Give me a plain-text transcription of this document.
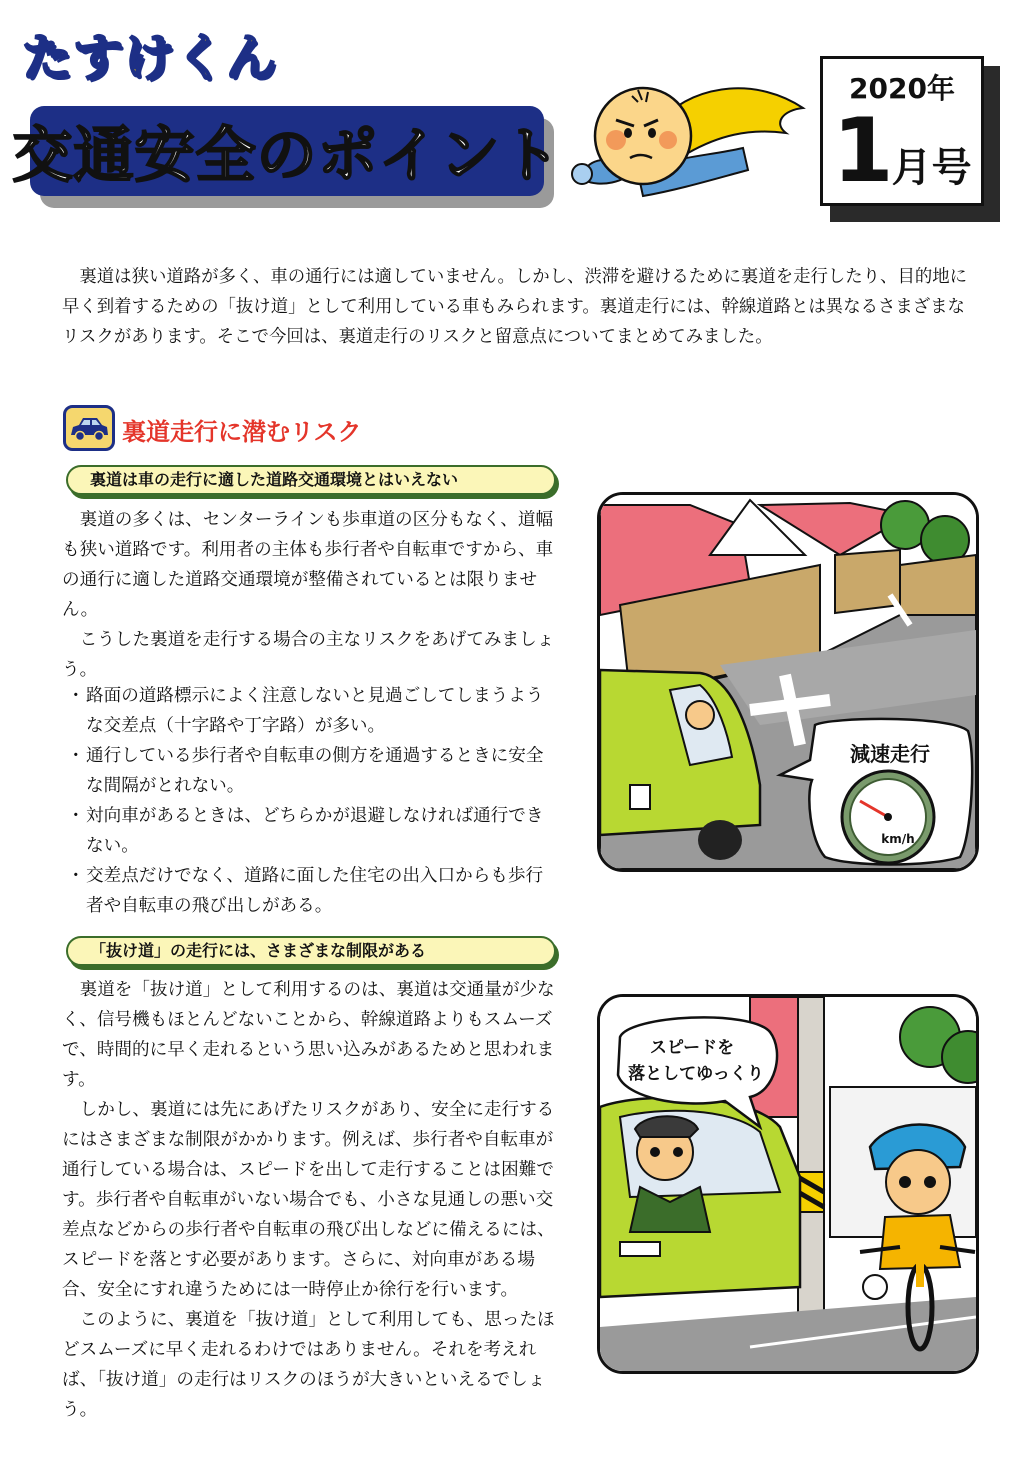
たすけくん
交通安全のポイント
2020年
1月号
裏道は狭い道路が多く、車の通行には適していません。しかし、渋滞を避けるために裏道を走行したり、目的地に早く到着するための「抜け道」として利用している車もみられます。裏道走行には、幹線道路とは異なるさまざまなリスクがあります。そこで今回は、裏道走行のリスクと留意点についてまとめてみました。
裏道走行に潜むリスク
裏道は車の走行に適した道路交通環境とはいえない

裏道の多くは、センターラインも歩車道の区分もなく、道幅も狭い道路です。利用者の主体も歩行者や自転車ですから、車の通行に適した道路交通環境が整備されているとは限りません。

こうした裏道を走行する場合の主なリスクをあげてみましょう。

・ 路面の道路標示によく注意しないと見過ごしてしまうような交差点（十字路や丁字路）が多い。
・ 通行している歩行者や自転車の側方を通過するときに安全な間隔がとれない。
・ 対向車があるときは、どちらかが退避しなければ通行できない。
・ 交差点だけでなく、道路に面した住宅の出入口からも歩行者や自転車の飛び出しがある。
「抜け道」の走行には、さまざまな制限がある

裏道を「抜け道」として利用するのは、裏道は交通量が少なく、信号機もほとんどないことから、幹線道路よりもスムーズで、時間的に早く走れるという思い込みがあるためと思われます。

しかし、裏道には先にあげたリスクがあり、安全に走行するにはさまざまな制限がかかります。例えば、歩行者や自転車が通行している場合は、スピードを出して走行することは困難です。歩行者や自転車がいない場合でも、小さな見通しの悪い交差点などからの歩行者や自転車の飛び出しなどに備えるには、スピードを落とす必要があります。さらに、対向車がある場合、安全にすれ違うためには一時停止か徐行を行います。

このように、裏道を「抜け道」として利用しても、思ったほどスムーズに早く走れるわけではありません。それを考えれば、「抜け道」の走行はリスクのほうが大きいといえるでしょう。

減速走行
km/h
スピードを
落としてゆっくり
